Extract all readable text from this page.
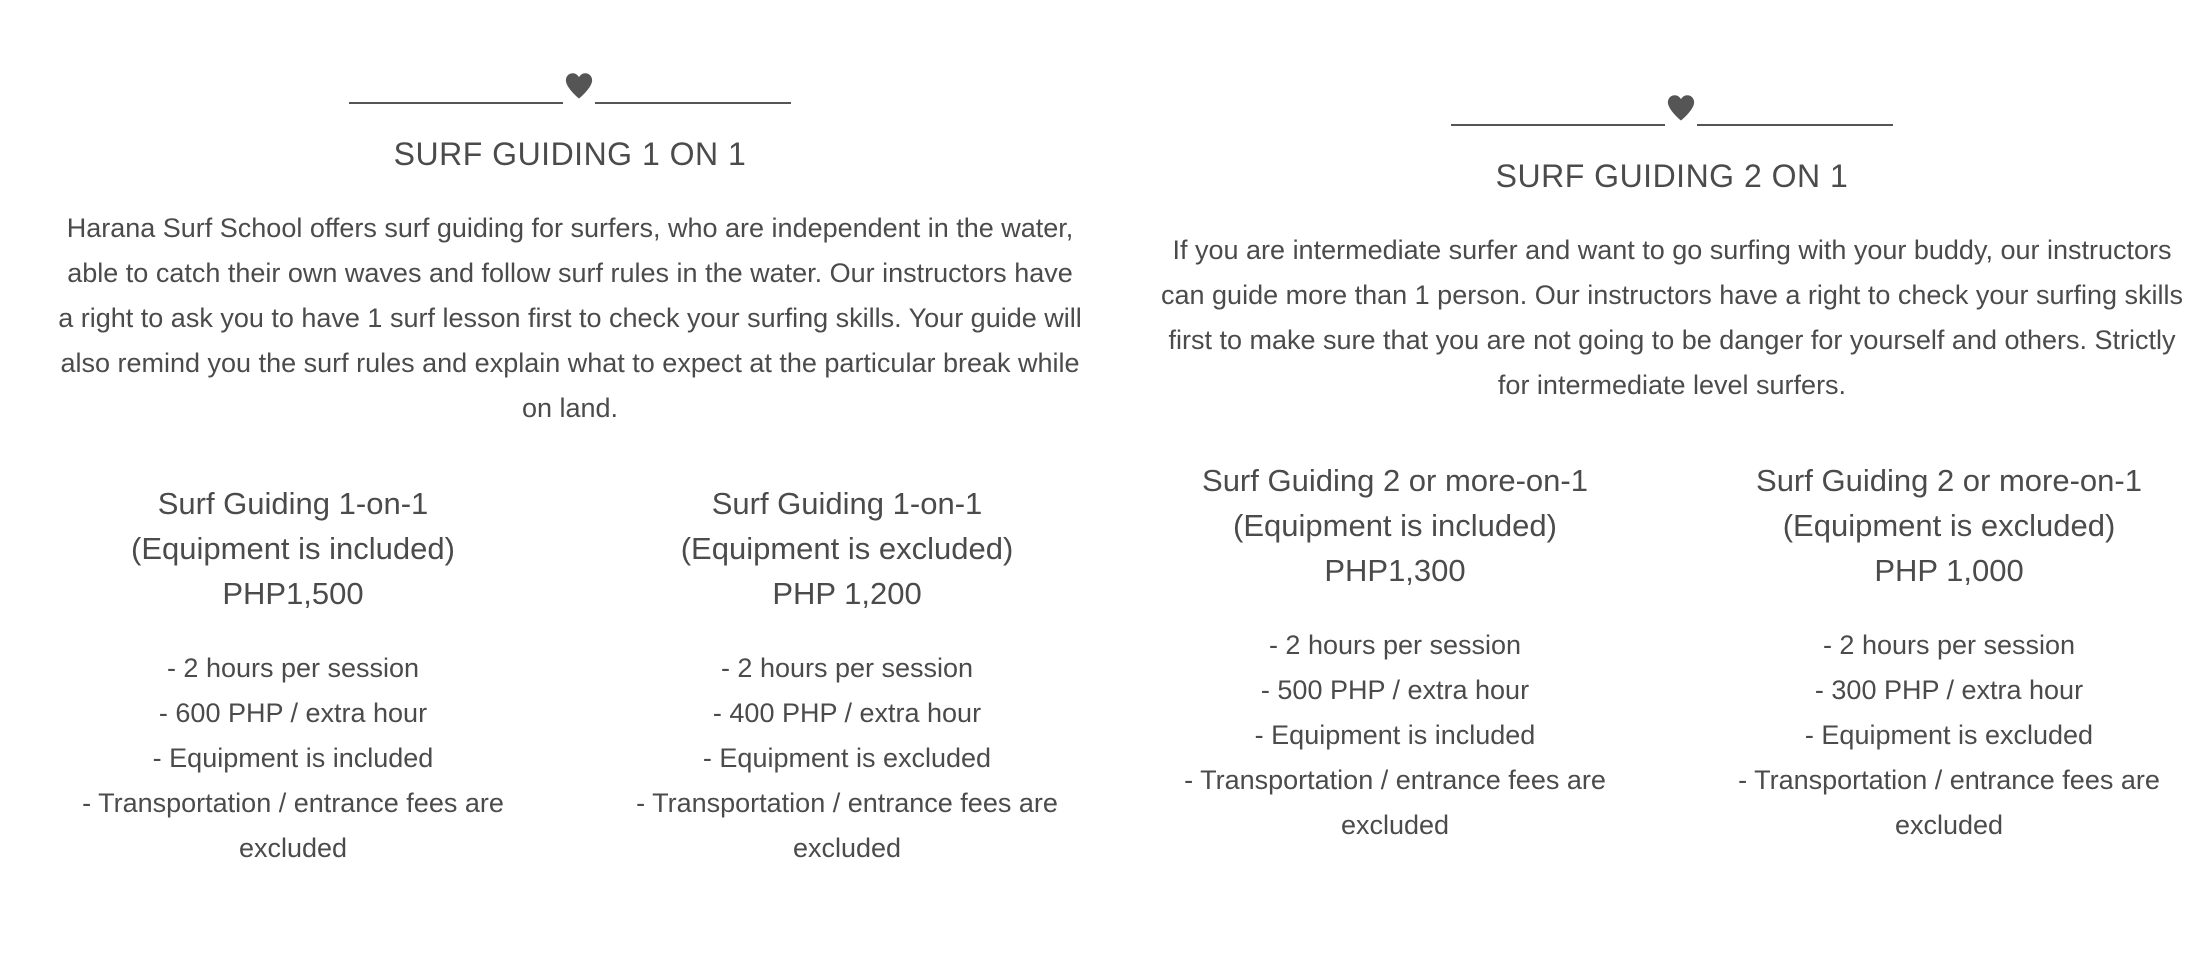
SURF GUIDING 1 ON 1

Harana Surf School offers surf guiding for surfers, who are independent in the water, able to catch their own waves and follow surf rules in the water. Our instructors have a right to ask you to have 1 surf lesson first to check your surfing skills. Your guide will also remind you the surf rules and explain what to expect at the particular break while on land.

Surf Guiding 1-on-1
(Equipment is included)
PHP1,500
- 2 hours per session
- 600 PHP / extra hour
- Equipment is included
- Transportation / entrance fees are excluded
Surf Guiding 1-on-1
(Equipment is excluded)
PHP 1,200
- 2 hours per session
- 400 PHP / extra hour
- Equipment is excluded
- Transportation / entrance fees are excluded
SURF GUIDING 2 ON 1

If you are intermediate surfer and want to go surfing with your buddy, our instructors can guide more than 1 person. Our instructors have a right to check your surfing skills first to make sure that you are not going to be danger for yourself and others. Strictly for intermediate level surfers.

Surf Guiding 2 or more-on-1
(Equipment is included)
PHP1,300
- 2 hours per session
- 500 PHP / extra hour
- Equipment is included
- Transportation / entrance fees are excluded
Surf Guiding 2 or more-on-1
(Equipment is excluded)
PHP 1,000
- 2 hours per session
- 300 PHP / extra hour
- Equipment is excluded
- Transportation / entrance fees are excluded
